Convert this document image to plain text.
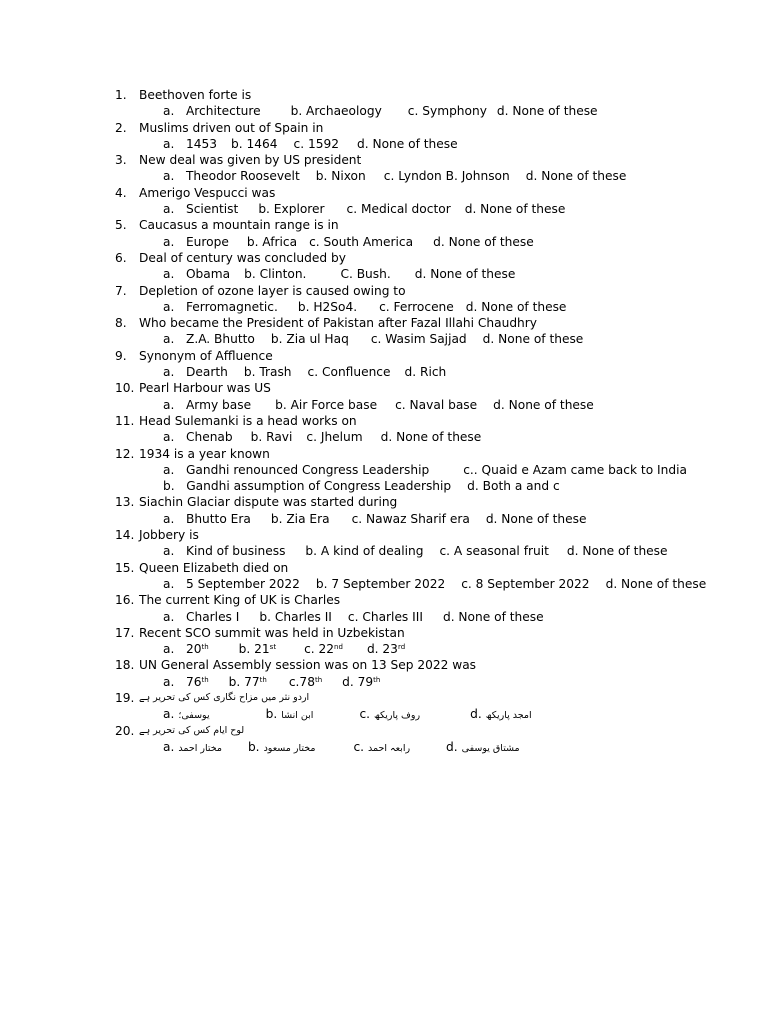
1.	Beethoven forte is
a.   Architecture b. Archaeology c. Symphony d. None of these
2.	Muslims driven out of Spain in
a.   1453 b. 1464 c. 1592 d. None of these
3.	New deal was given by US president
a.   Theodor Roosevelt b. Nixon c. Lyndon B. Johnson d. None of these
4.	Amerigo Vespucci was
a.   Scientist b. Explorer c. Medical doctor d. None of these
5.	Caucasus a mountain range is in
a.   Europe b. Africa c. South America d. None of these
6.	Deal of century was concluded by
a.   Obama b. Clinton.	C. Bush. d. None of these
7.	Depletion of ozone layer is caused owing to
a.   Ferromagnetic. b. H2So4. c. Ferrocene d. None of these
8.	Who became the President of Pakistan after Fazal Illahi Chaudhry
a.   Z.A. Bhutto b. Zia ul Haq c. Wasim Sajjad d. None of these
9.	Synonym of Affluence
a.   Dearth b. Trash c. Confluence d. Rich
10. Pearl Harbour was US
a.   Army base b. Air Force base c. Naval base d. None of these
11. Head Sulemanki is a head works on
a.   Chenab b. Ravi c. Jhelum d. None of these
12. 1934 is a year known
a.   Gandhi renounced Congress Leadership	c.. Quaid e Azam came back to India
b.   Gandhi assumption of Congress Leadership d. Both a and c
13. Siachin Glaciar dispute was started during
a.   Bhutto Era b. Zia Era c. Nawaz Sharif era d. None of these
14. Jobbery is
a.   Kind of business b. A kind of dealing c. A seasonal fruit d. None of these
15. Queen Elizabeth died on
a.   5 September 2022 b. 7 September 2022 c. 8 September 2022 d. None of these
16. The current King of UK is Charles
a.   Charles I b. Charles II c. Charles III d. None of these
17. Recent SCO summit was held in Uzbekistan
a.   20th b. 21st c. 22nd d. 23rd
18. UN General Assembly session was on 13 Sep 2022 was
a.   76th b. 77th c.78th d. 79th
19. اردو نثر میں مزاح نگاری کس کی تحریر ہے
a. یوسفی؛	b. ابن انشا	c. روف پاریکھ	d. امجد پاریکھ
20. لوح ایام کس کی تحریر ہے
a. مختار احمد b. مختار مسعود	c. رابعہ احمد	d. مشتاق یوسفی
